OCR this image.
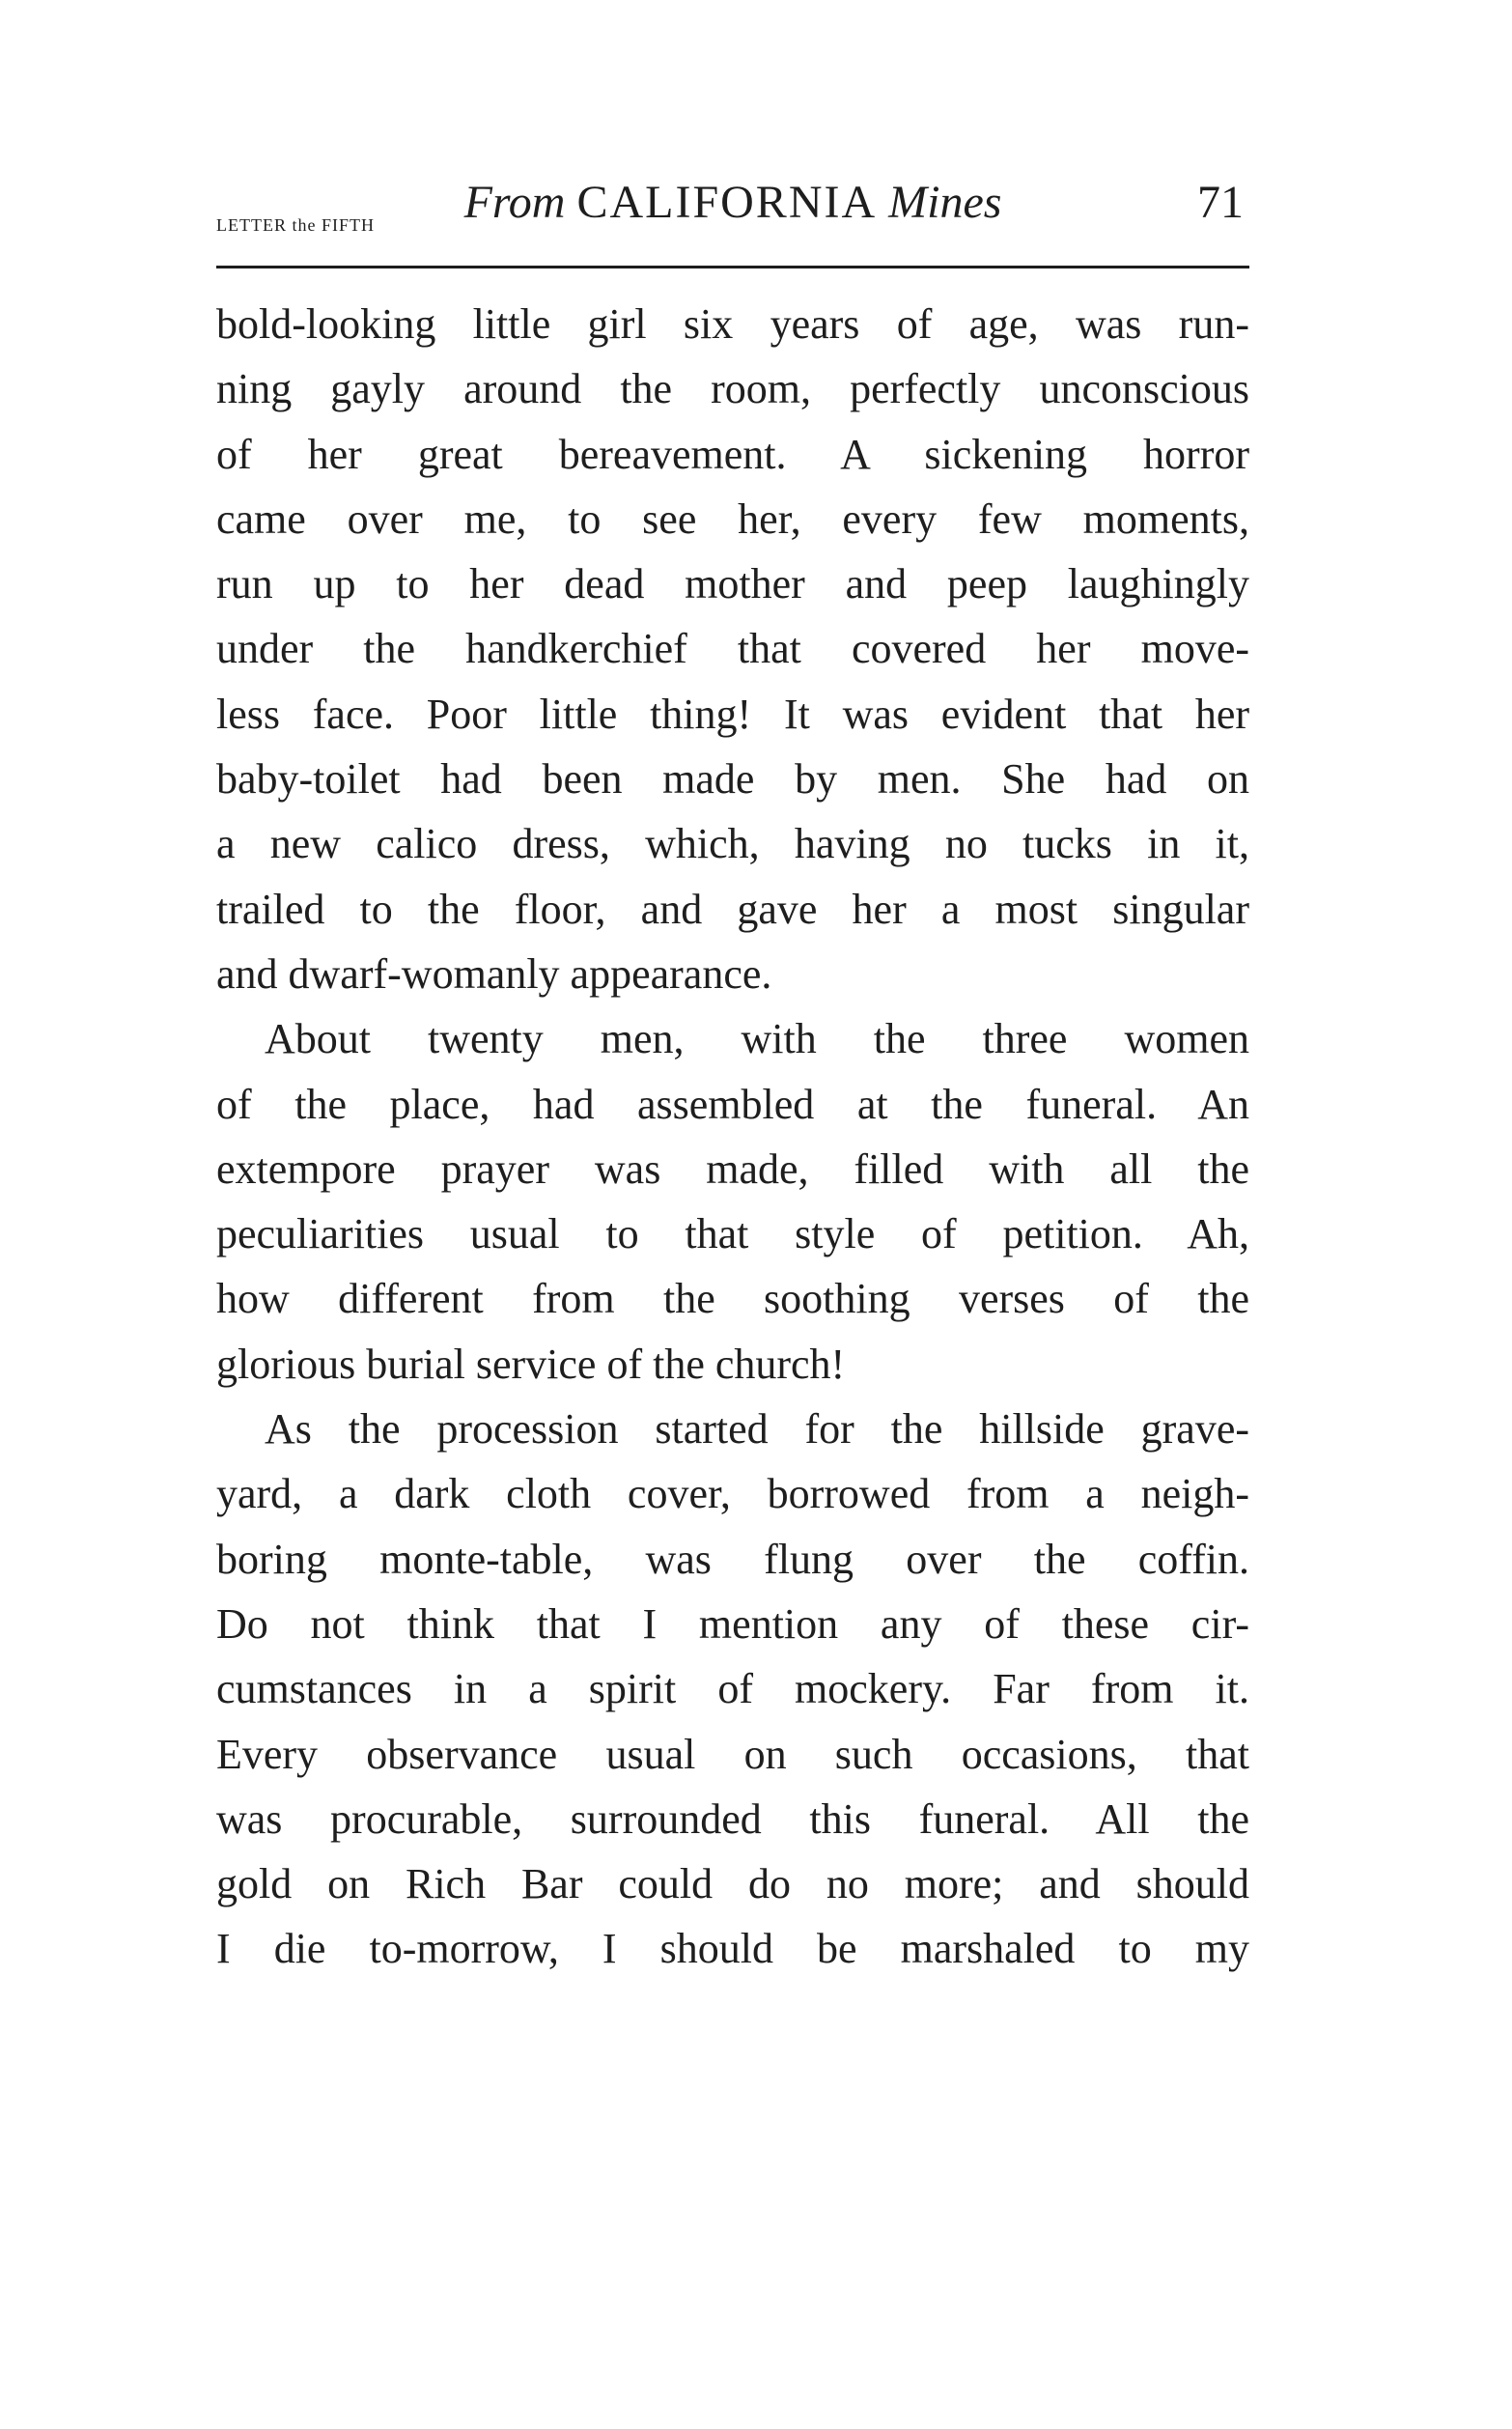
LETTER the FIFTH	From CALIFORNIA Mines	71
bold-looking little girl six years of age, was run-
ning gayly around the room, perfectly unconscious
of her great bereavement. A sickening horror
came over me, to see her, every few moments,
run up to her dead mother and peep laughingly
under the handkerchief that covered her move-
less face. Poor little thing! It was evident that her
baby-toilet had been made by men. She had on
a new calico dress, which, having no tucks in it,
trailed to the floor, and gave her a most singular
and dwarf-womanly appearance.
About twenty men, with the three women
of the place, had assembled at the funeral. An
extempore prayer was made, filled with all the
peculiarities usual to that style of petition. Ah,
how different from the soothing verses of the
glorious burial service of the church!
As the procession started for the hillside grave-
yard, a dark cloth cover, borrowed from a neigh-
boring monte-table, was flung over the coffin.
Do not think that I mention any of these cir-
cumstances in a spirit of mockery. Far from it.
Every observance usual on such occasions, that
was procurable, surrounded this funeral. All the
gold on Rich Bar could do no more; and should
I die to-morrow, I should be marshaled to my
